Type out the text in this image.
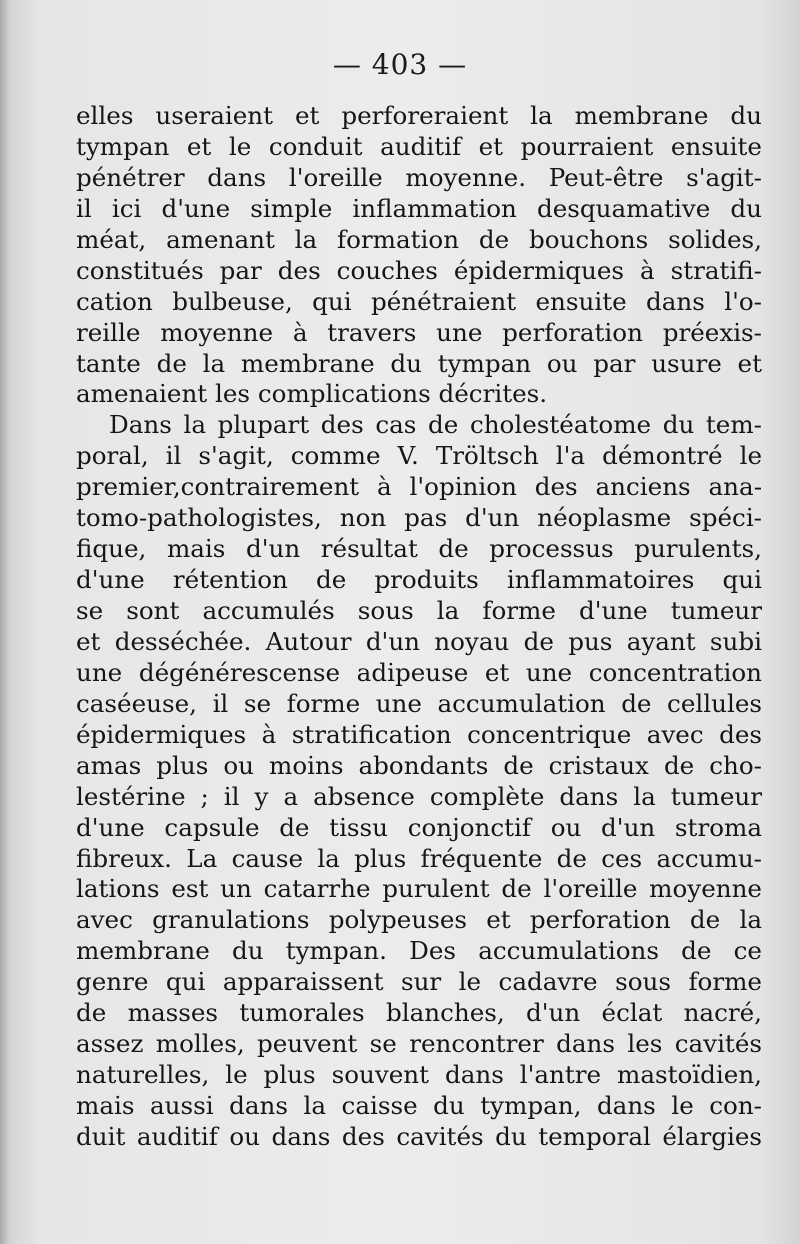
— 403 —
elles useraient et perforeraient la membrane du
tympan et le conduit auditif et pourraient ensuite
pénétrer dans l'oreille moyenne. Peut-être s'agit-
il ici d'une simple inflammation desquamative du
méat, amenant la formation de bouchons solides,
constitués par des couches épidermiques à stratifi-
cation bulbeuse, qui pénétraient ensuite dans l'o-
reille moyenne à travers une perforation préexis-
tante de la membrane du tympan ou par usure et
amenaient les complications décrites.
Dans la plupart des cas de cholestéatome du tem-
poral, il s'agit, comme V. Tröltsch l'a démontré le
premier,contrairement à l'opinion des anciens ana-
tomo-pathologistes, non pas d'un néoplasme spéci-
fique, mais d'un résultat de processus purulents,
d'une rétention de produits inflammatoires qui
se sont accumulés sous la forme d'une tumeur
et desséchée. Autour d'un noyau de pus ayant subi
une dégénérescense adipeuse et une concentration
caséeuse, il se forme une accumulation de cellules
épidermiques à stratification concentrique avec des
amas plus ou moins abondants de cristaux de cho-
lestérine ; il y a absence complète dans la tumeur
d'une capsule de tissu conjonctif ou d'un stroma
fibreux. La cause la plus fréquente de ces accumu-
lations est un catarrhe purulent de l'oreille moyenne
avec granulations polypeuses et perforation de la
membrane du tympan. Des accumulations de ce
genre qui apparaissent sur le cadavre sous forme
de masses tumorales blanches, d'un éclat nacré,
assez molles, peuvent se rencontrer dans les cavités
naturelles, le plus souvent dans l'antre mastoïdien,
mais aussi dans la caisse du tympan, dans le con-
duit auditif ou dans des cavités du temporal élargies
